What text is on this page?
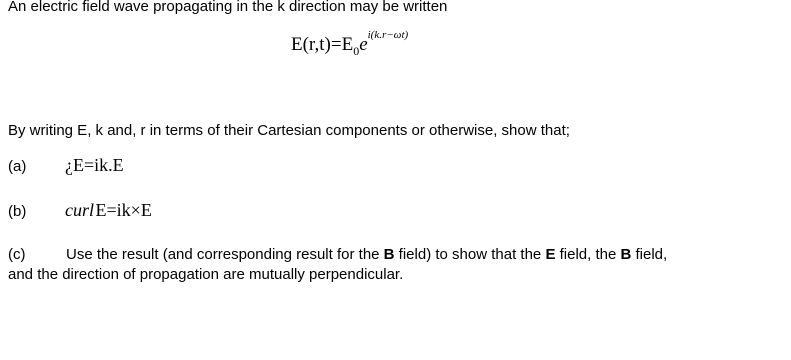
An electric field wave propagating in the k direction may be written
$E(r,t)=E_0e^{i(k.r-\omega t)}$
By writing E, k and, r in terms of their Cartesian components or otherwise, show that;
(a) ¿E=ik.E
(b) curl E=ik×E
(c)	Use the result (and corresponding result for the B field) to show that the E field, the B field,
and the direction of propagation are mutually perpendicular.
